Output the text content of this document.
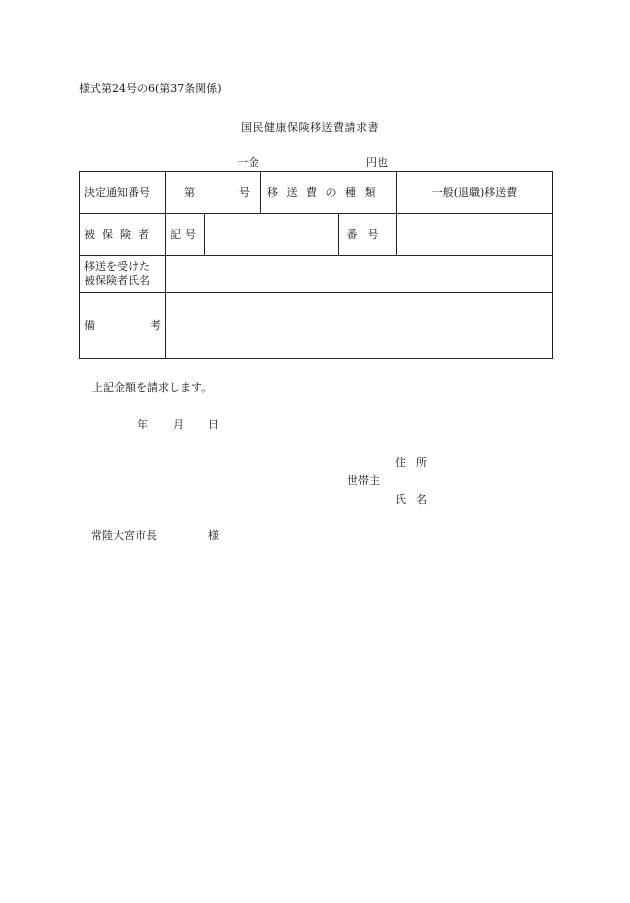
様式第24号の6(第37条関係)
国民健康保険移送費請求書
一金	円也
決定通知番号	第 号		移送費の種類		一般(退職)移送費
被保険者	記号			番号	

移送を受けた
被保険者氏名					

備 考					

上記金額を請求します。
年 月 日
住所
世帯主
氏名
常陸大宮市長	様
